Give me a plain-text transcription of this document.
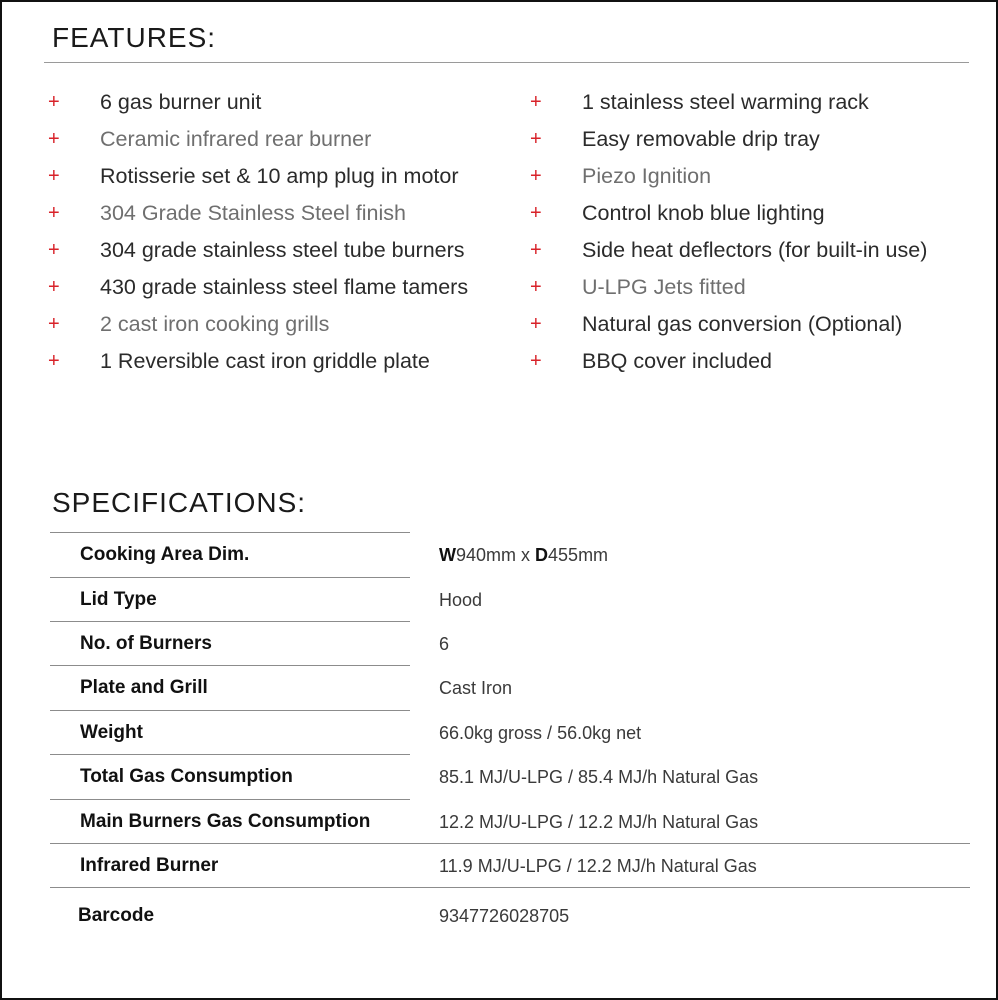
FEATURES:
+	6 gas burner unit
+	Ceramic infrared rear burner
+	Rotisserie set & 10 amp plug in motor
+	304 Grade Stainless Steel finish
+	304 grade stainless steel tube burners
+	430 grade stainless steel flame tamers
+	2 cast iron cooking grills
+	1 Reversible cast iron griddle plate
+	1 stainless steel warming rack
+	Easy removable drip tray
+	Piezo Ignition
+	Control knob blue lighting
+	Side heat deflectors (for built-in use)
+	U-LPG Jets fitted
+	Natural gas conversion (Optional)
+	BBQ cover included
SPECIFICATIONS:
Cooking Area Dim.	W 940mm x D 455mm
Lid Type	Hood
No. of Burners	6
Plate and Grill	Cast Iron
Weight	66.0kg gross / 56.0kg net
Total Gas Consumption	85.1 MJ/U-LPG / 85.4 MJ/h Natural Gas
Main Burners Gas Consumption	12.2 MJ/U-LPG / 12.2 MJ/h Natural Gas
Infrared Burner	11.9 MJ/U-LPG / 12.2 MJ/h Natural Gas
Barcode	9347726028705
